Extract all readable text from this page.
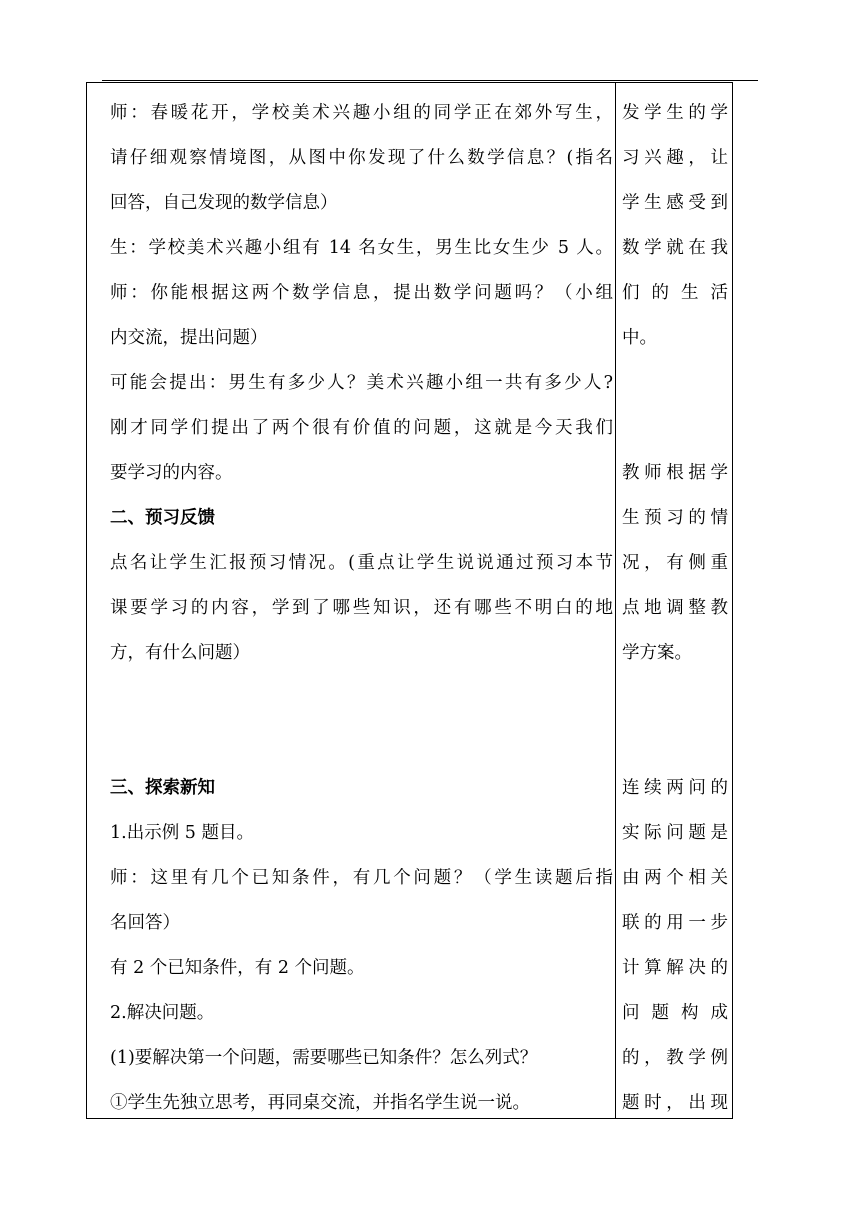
师：春暖花开，学校美术兴趣小组的同学正在郊外写生，
请仔细观察情境图，从图中你发现了什么数学信息？(指名
回答，自己发现的数学信息）
生：学校美术兴趣小组有 14 名女生，男生比女生少 5 人。
师：你能根据这两个数学信息，提出数学问题吗？（小组
内交流，提出问题）
可能会提出：男生有多少人？美术兴趣小组一共有多少人?
刚才同学们提出了两个很有价值的问题，这就是今天我们
要学习的内容。
二、预习反馈
点名让学生汇报预习情况。(重点让学生说说通过预习本节
课要学习的内容，学到了哪些知识，还有哪些不明白的地
方，有什么问题）
三、探索新知
1.出示例 5 题目。
师：这里有几个已知条件，有几个问题？（学生读题后指
名回答）
有 2 个已知条件，有 2 个问题。
2.解决问题。
(1)要解决第一个问题，需要哪些已知条件？怎么列式？
①学生先独立思考，再同桌交流，并指名学生说一说。
发学生的学
习兴趣，让
学生感受到
数学就在我
们 的 生 活
中。
教师根据学
生预习的情
况，有侧重
点地调整教
学方案。
连续两问的
实际问题是
由两个相关
联的用一步
计算解决的
问 题 构 成
的，教学例
题时，出现
